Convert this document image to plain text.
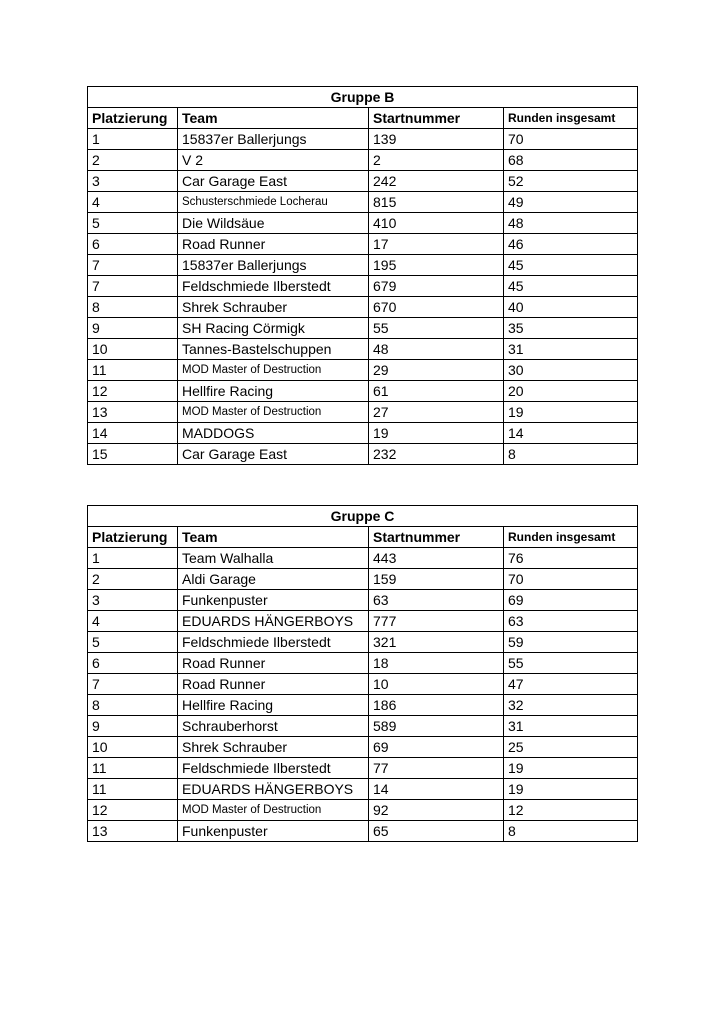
Gruppe B			
Platzierung	Team	Startnummer	Runden insgesamt
1	15837er Ballerjungs	139	70
2	V 2	2	68
3	Car Garage East	242	52
4	Schusterschmiede Locherau	815	49
5	Die Wildsäue	410	48
6	Road Runner	17	46
7	15837er Ballerjungs	195	45
7	Feldschmiede Ilberstedt	679	45
8	Shrek Schrauber	670	40
9	SH Racing Cörmigk	55	35
10	Tannes-Bastelschuppen	48	31
11	MOD Master of Destruction	29	30
12	Hellfire Racing	61	20
13	MOD Master of Destruction	27	19
14	MADDOGS	19	14
15	Car Garage East	232	8
Gruppe C			
Platzierung	Team	Startnummer	Runden insgesamt
1	Team Walhalla	443	76
2	Aldi Garage	159	70
3	Funkenpuster	63	69
4	EDUARDS HÄNGERBOYS	777	63
5	Feldschmiede Ilberstedt	321	59
6	Road Runner	18	55
7	Road Runner	10	47
8	Hellfire Racing	186	32
9	Schrauberhorst	589	31
10	Shrek Schrauber	69	25
11	Feldschmiede Ilberstedt	77	19
11	EDUARDS HÄNGERBOYS	14	19
12	MOD Master of Destruction	92	12
13	Funkenpuster	65	8
